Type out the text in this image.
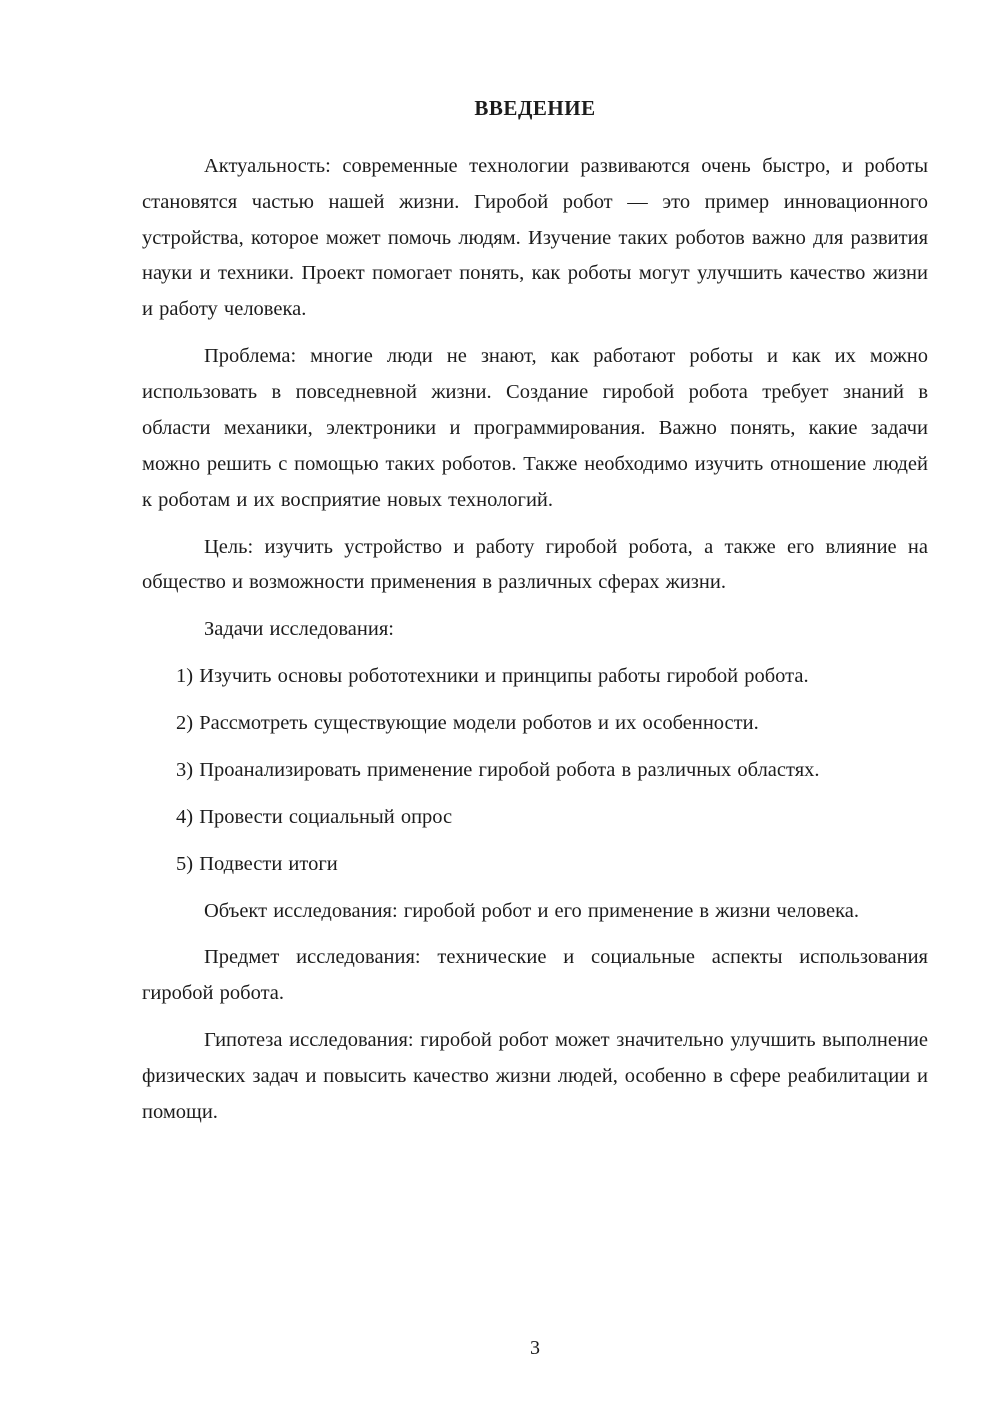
ВВЕДЕНИЕ

Актуальность: современные технологии развиваются очень быстро, и роботы становятся частью нашей жизни. Гиробой робот — это пример инновационного устройства, которое может помочь людям. Изучение таких роботов важно для развития науки и техники. Проект помогает понять, как роботы могут улучшить качество жизни и работу человека.

Проблема: многие люди не знают, как работают роботы и как их можно использовать в повседневной жизни. Создание гиробой робота требует знаний в области механики, электроники и программирования. Важно понять, какие задачи можно решить с помощью таких роботов. Также необходимо изучить отношение людей к роботам и их восприятие новых технологий.

Цель: изучить устройство и работу гиробой робота, а также его влияние на общество и возможности применения в различных сферах жизни.

Задачи исследования:

1) Изучить основы робототехники и принципы работы гиробой робота.

2) Рассмотреть существующие модели роботов и их особенности.

3) Проанализировать применение гиробой робота в различных областях.

4) Провести социальный опрос

5) Подвести итоги

Объект исследования: гиробой робот и его применение в жизни человека.

Предмет исследования: технические и социальные аспекты использования гиробой робота.

Гипотеза исследования: гиробой робот может значительно улучшить выполнение физических задач и повысить качество жизни людей, особенно в сфере реабилитации и помощи.

3
